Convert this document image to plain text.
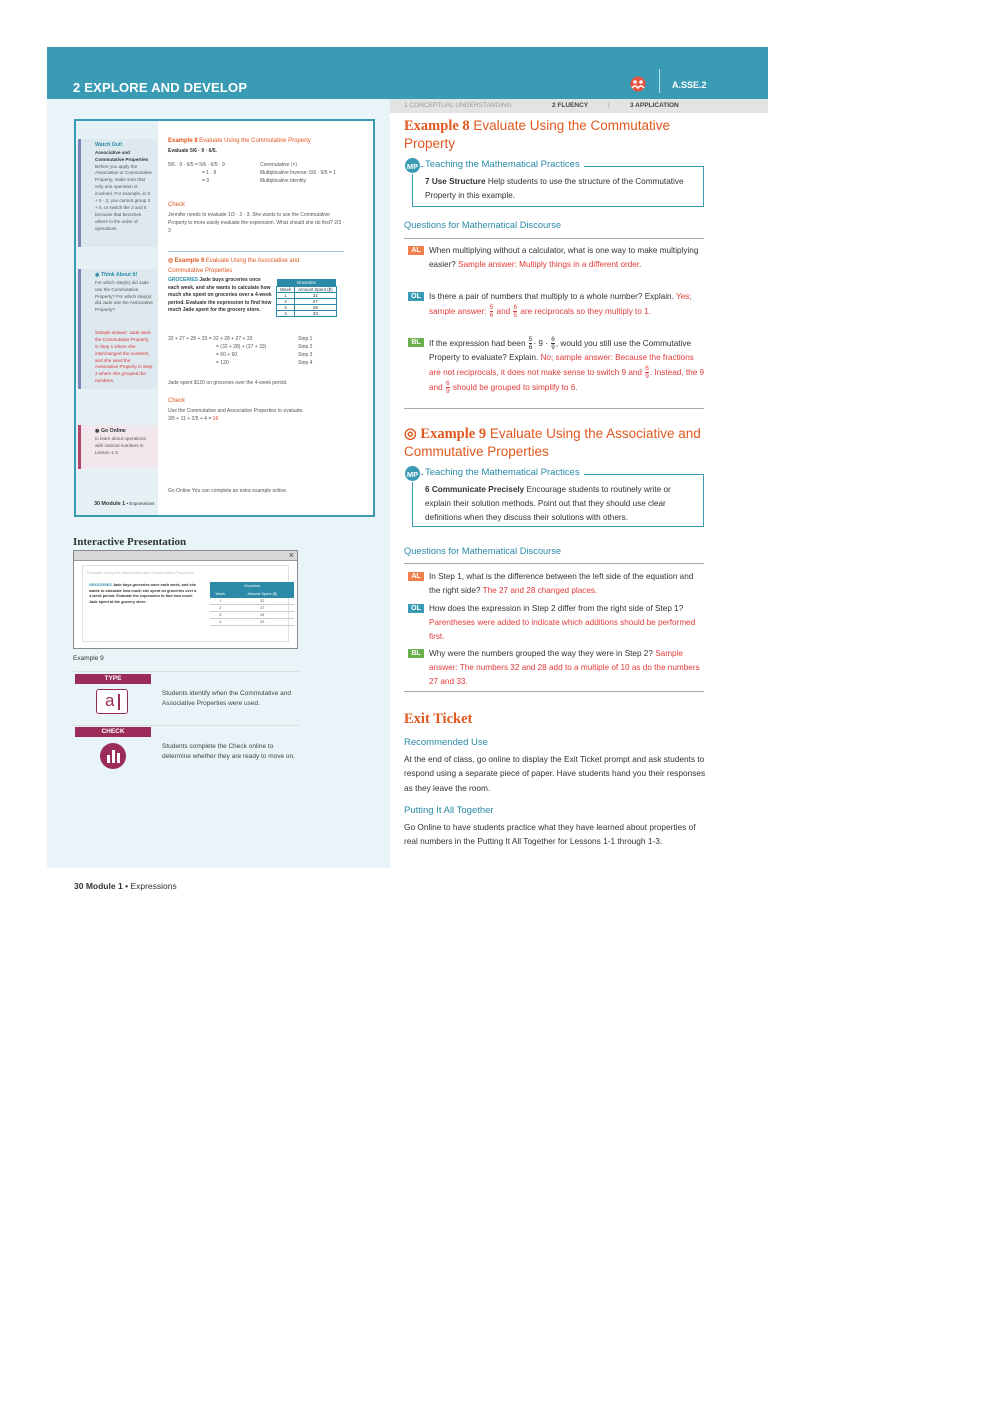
2 EXPLORE AND DEVELOP	A.SSE.2
1 CONCEPTUAL UNDERSTANDING	2 FLUENCY	|	3 APPLICATION
Watch Out!
Associative and Commutative Properties
Before you apply the Associative or Commutative Property, make sure that only one operation is involved. For example, in 3 + 5 · 2, you cannot group 3 + 5, or switch the 3 and 5 because that becomes others to the order of operations.
◉ Think About It!
For which step(s) did Jade use the Commutative Property? For which step(s) did Jade use the Associative Property?
Sample answer: Jade used the Commutative Property in Step 1 where she interchanged the numbers, and she used the Associative Property in Step 2 where she grouped the numbers.
◉ Go Online
to learn about operations with rational numbers in Lesson 1-3.
Example 8 Evaluate Using the Commutative Property
Evaluate 5/6 · 9 · 6/5.
5/6 · 9 · 6/5 = 5/6 · 6/5 · 9
= 1 · 9
= 9
Commutative (×)
Multiplicative Inverse: 5/6 · 6/5 = 1
Multiplicative Identity
Check
Jennifer needs to evaluate 1/2 · 2 · 3. She wants to use the Commutative Property to more easily evaluate the expression. What should she do first? 2/3 · 3
◎ Example 9 Evaluate Using the Associative and Commutative Properties
GROCERIES Jade buys groceries once each week, and she wants to calculate how much she spent on groceries over a 4-week period. Evaluate the expression to find how much Jade spent for the grocery store.
Groceries	
Week	Amount Spent ($)
1	32
2	27
3	28
4	33
32 + 27 + 28 + 33 = 32 + 28 + 27 + 33
= (32 + 28) + (27 + 33)
= 60 + 60
= 120
Step 1
Step 2
Step 3
Step 4
Jade spent $120 on groceries over the 4-week period.
Check
Use the Commutative and Associative Properties to evaluate.
3/5 + 11 + 2/5 + 4 = 16
Go Online You can complete an extra example online.
30 Module 1 • Expressions
Interactive Presentation
×
Evaluate Using the Associative and Commutative Properties
GROCERIES Jade buys groceries once each week, and she wants to calculate how much she spent on groceries over a 4-week period. Evaluate the expression to find how much Jade spent at the grocery store.
Groceries	
Week	Amount Spent ($)
1	32
2	27
3	28
4	33
Example 9
TYPE
a	Students identify when the Commutative and Associative Properties were used.
CHECK
Students complete the Check online to determine whether they are ready to move on.
Example 8 Evaluate Using the Commutative Property
Teaching the Mathematical Practices
7 Use Structure Help students to use the structure of the Commutative Property in this example.
MP
Questions for Mathematical Discourse
AL	When multiplying without a calculator, what is one way to make multiplying easier? Sample answer: Multiply things in a different order.
OL Is there a pair of numbers that multiply to a whole number? Explain. Yes; sample answer: $\frac{5}{6}$ and $\frac{6}{5}$ are reciprocals so they multiply to 1.
BL	If the expression had been $\frac{5}{6} \cdot 9 \cdot \frac{6}{9}$ , would you still use the Commutative Property to evaluate? Explain. No; sample answer: Because the fractions are not reciprocals, it does not make sense to switch 9 and $\frac{6}{9}$ . Instead, the 9 and $\frac{6}{9}$ should be grouped to simplify to 6.
◎ Example 9 Evaluate Using the Associative and Commutative Properties
Teaching the Mathematical Practices
6 Communicate Precisely Encourage students to routinely write or explain their solution methods. Point out that they should use clear definitions when they discuss their solutions with others.
MP
Questions for Mathematical Discourse
AL	In Step 1, what is the difference between the left side of the equation and the right side? The 27 and 28 changed places.
OL How does the expression in Step 2 differ from the right side of Step 1? Parentheses were added to indicate which additions should be performed first.
BL	Why were the numbers grouped the way they were in Step 2? Sample answer: The numbers 32 and 28 add to a multiple of 10 as do the numbers 27 and 33.
Exit Ticket
Recommended Use
At the end of class, go online to display the Exit Ticket prompt and ask students to respond using a separate piece of paper. Have students hand you their responses as they leave the room.
Putting It All Together
Go Online to have students practice what they have learned about properties of real numbers in the Putting It All Together for Lessons 1-1 through 1-3.
30 Module 1 • Expressions
